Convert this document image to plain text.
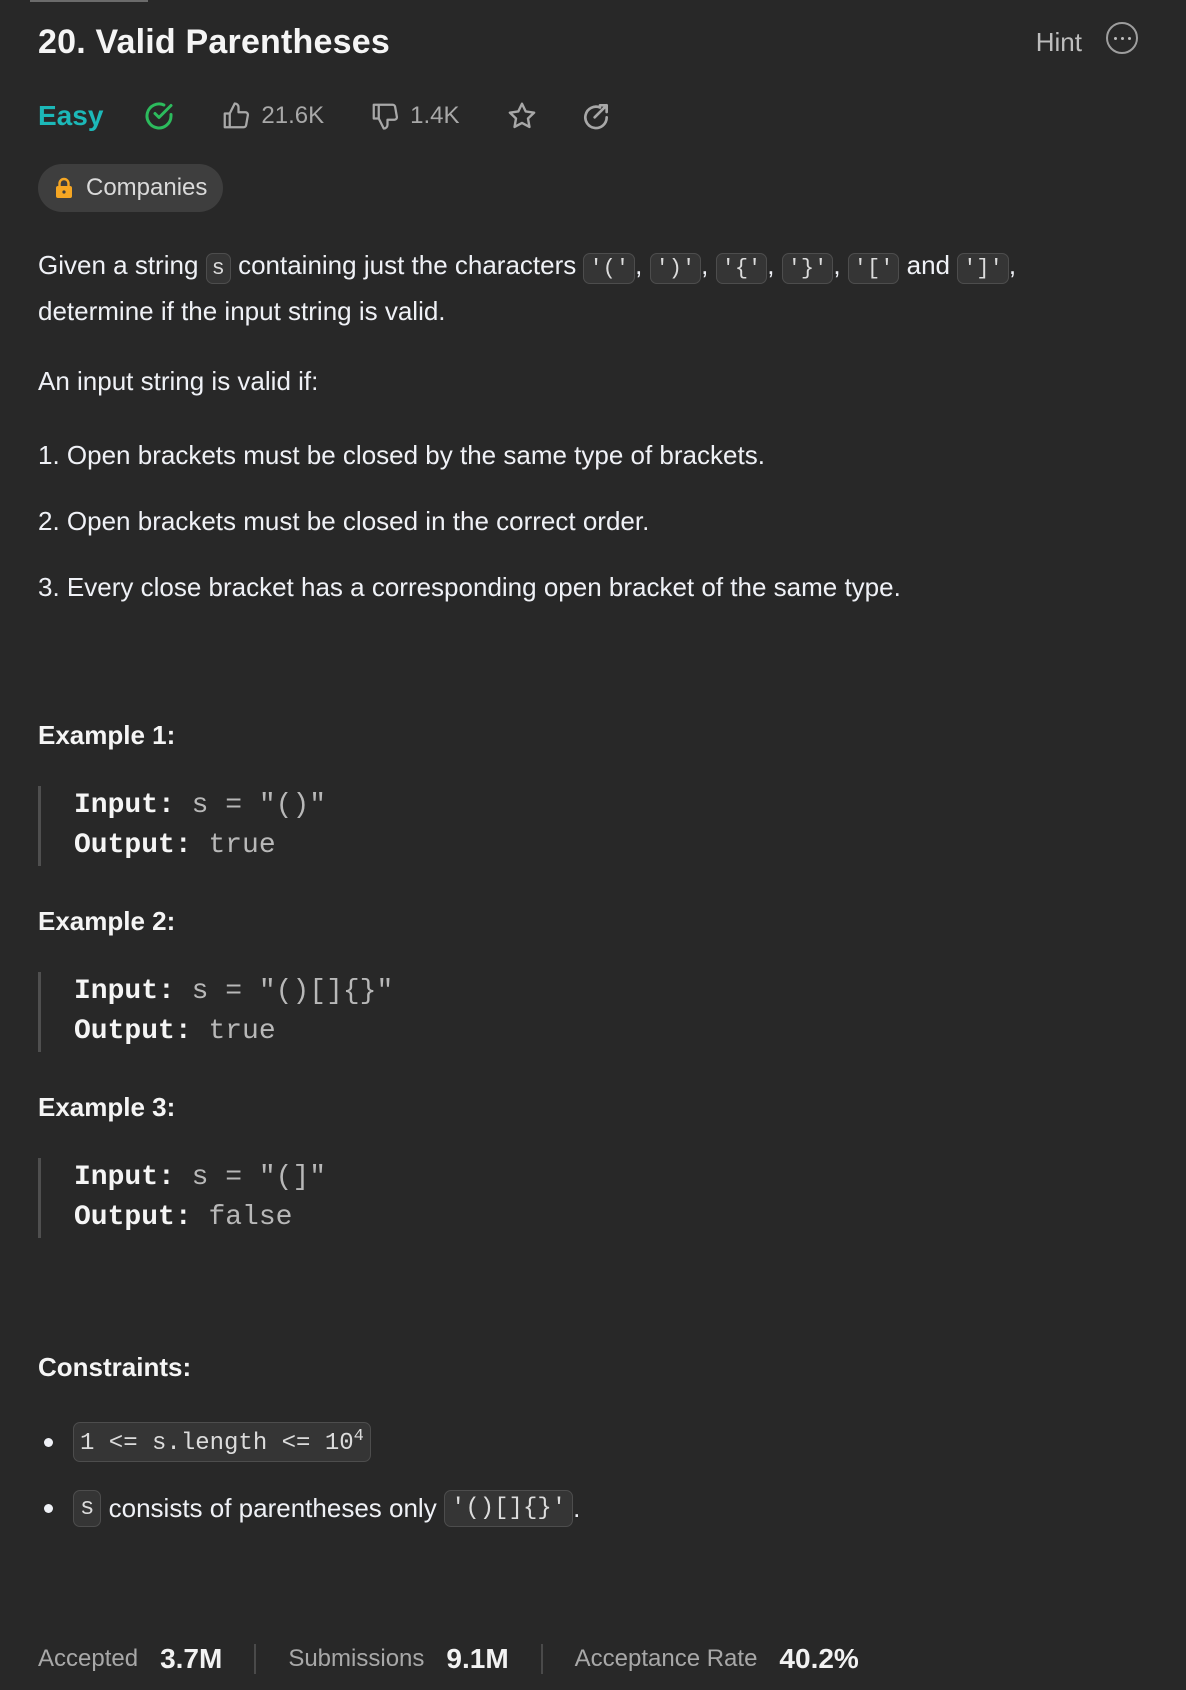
20. Valid Parentheses	Hint
Easy	21.6K	1.4K
Companies
Given a string s containing just the characters '(' , ')' , '{' , '}' , '[' and ']' ,
determine if the input string is valid.
An input string is valid if:
1. Open brackets must be closed by the same type of brackets.
2. Open brackets must be closed in the correct order.
3. Every close bracket has a corresponding open bracket of the same type.
Example 1:
Input: s = "()"
Output: true
Example 2:
Input: s = "()[]{}"
Output: true
Example 3:
Input: s = "(]"
Output: false
Constraints:
1 <= s.length <= $10^4$
s consists of parentheses only '()[]{}' .
Accepted 3.7M	Submissions 9.1M	Acceptance Rate 40.2%
